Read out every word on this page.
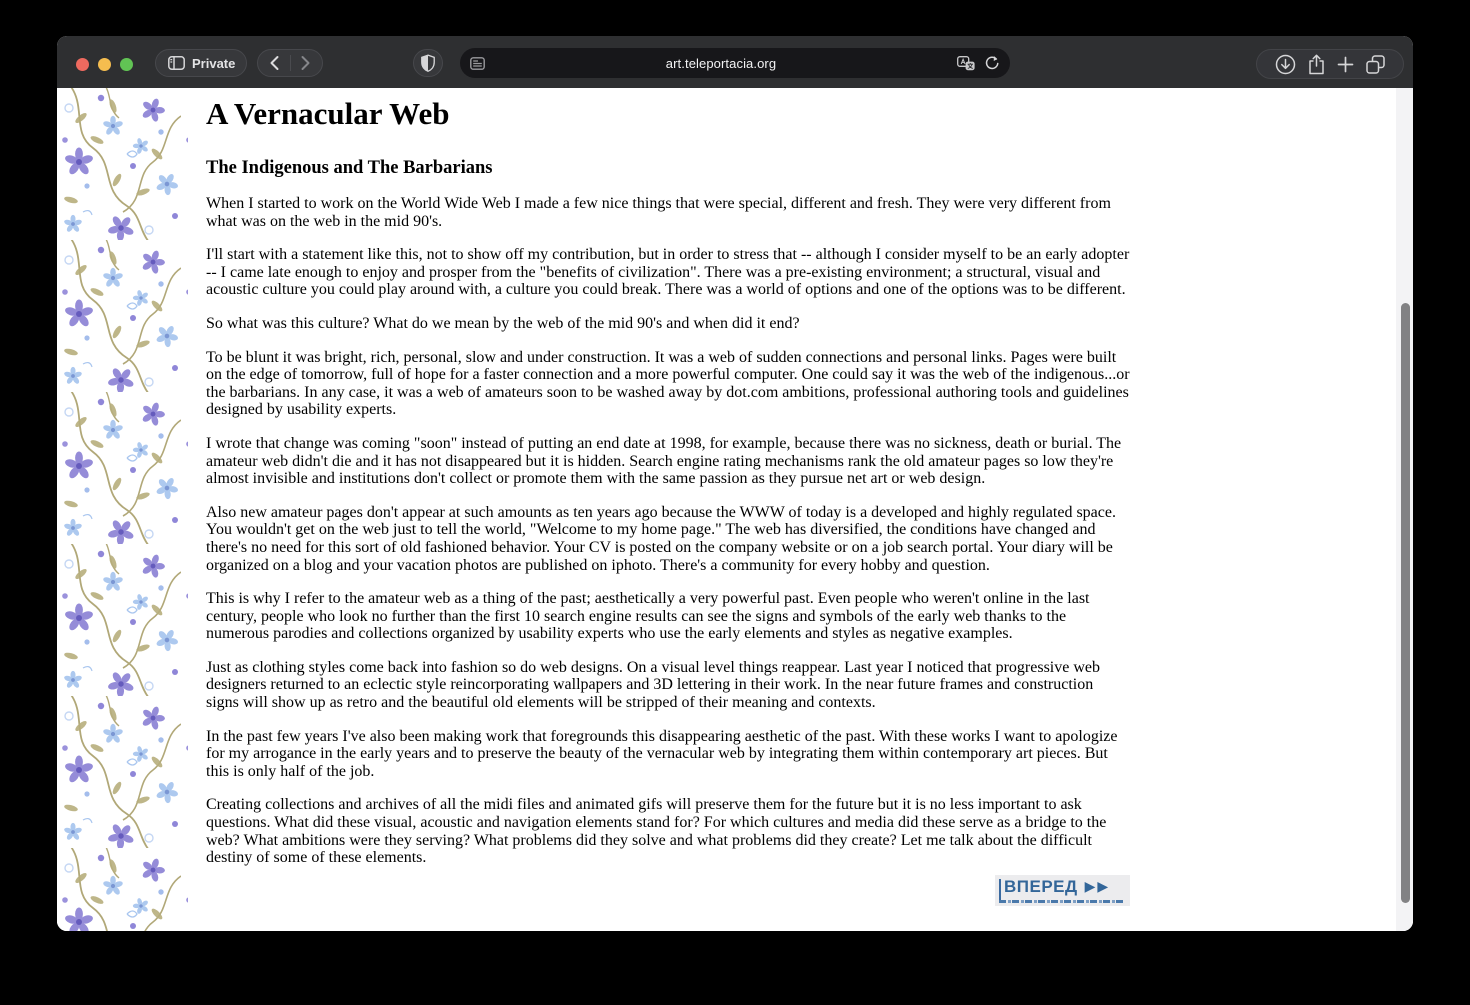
Private	art.teleportacia.org
A Vernacular Web
The Indigenous and The Barbarians

When I started to work on the World Wide Web I made a few nice things that were special, different and fresh. They were very different from what was on the web in the mid 90's.

I'll start with a statement like this, not to show off my contribution, but in order to stress that -- although I consider myself to be an early adopter -- I came late enough to enjoy and prosper from the "benefits of civilization". There was a pre-existing environment; a structural, visual and acoustic culture you could play around with, a culture you could break. There was a world of options and one of the options was to be different.

So what was this culture? What do we mean by the web of the mid 90's and when did it end?

To be blunt it was bright, rich, personal, slow and under construction. It was a web of sudden connections and personal links. Pages were built on the edge of tomorrow, full of hope for a faster connection and a more powerful computer. One could say it was the web of the indigenous...or the barbarians. In any case, it was a web of amateurs soon to be washed away by dot.com ambitions, professional authoring tools and guidelines designed by usability experts.

I wrote that change was coming "soon" instead of putting an end date at 1998, for example, because there was no sickness, death or burial. The amateur web didn't die and it has not disappeared but it is hidden. Search engine rating mechanisms rank the old amateur pages so low they're almost invisible and institutions don't collect or promote them with the same passion as they pursue net art or web design.

Also new amateur pages don't appear at such amounts as ten years ago because the WWW of today is a developed and highly regulated space. You wouldn't get on the web just to tell the world, "Welcome to my home page." The web has diversified, the conditions have changed and there's no need for this sort of old fashioned behavior. Your CV is posted on the company website or on a job search portal. Your diary will be organized on a blog and your vacation photos are published on iphoto. There's a community for every hobby and question.

This is why I refer to the amateur web as a thing of the past; aesthetically a very powerful past. Even people who weren't online in the last century, people who look no further than the first 10 search engine results can see the signs and symbols of the early web thanks to the numerous parodies and collections organized by usability experts who use the early elements and styles as negative examples.

Just as clothing styles come back into fashion so do web designs. On a visual level things reappear. Last year I noticed that progressive web designers returned to an eclectic style reincorporating wallpapers and 3D lettering in their work. In the near future frames and construction signs will show up as retro and the beautiful old elements will be stripped of their meaning and contexts.

In the past few years I've also been making work that foregrounds this disappearing aesthetic of the past. With these works I want to apologize for my arrogance in the early years and to preserve the beauty of the vernacular web by integrating them within contemporary art pieces. But this is only half of the job.

Creating collections and archives of all the midi files and animated gifs will preserve them for the future but it is no less important to ask questions. What did these visual, acoustic and navigation elements stand for? For which cultures and media did these serve as a bridge to the web? What ambitions were they serving? What problems did they solve and what problems did they create? Let me talk about the difficult destiny of some of these elements.

ВПЕРЕД ▶▶
